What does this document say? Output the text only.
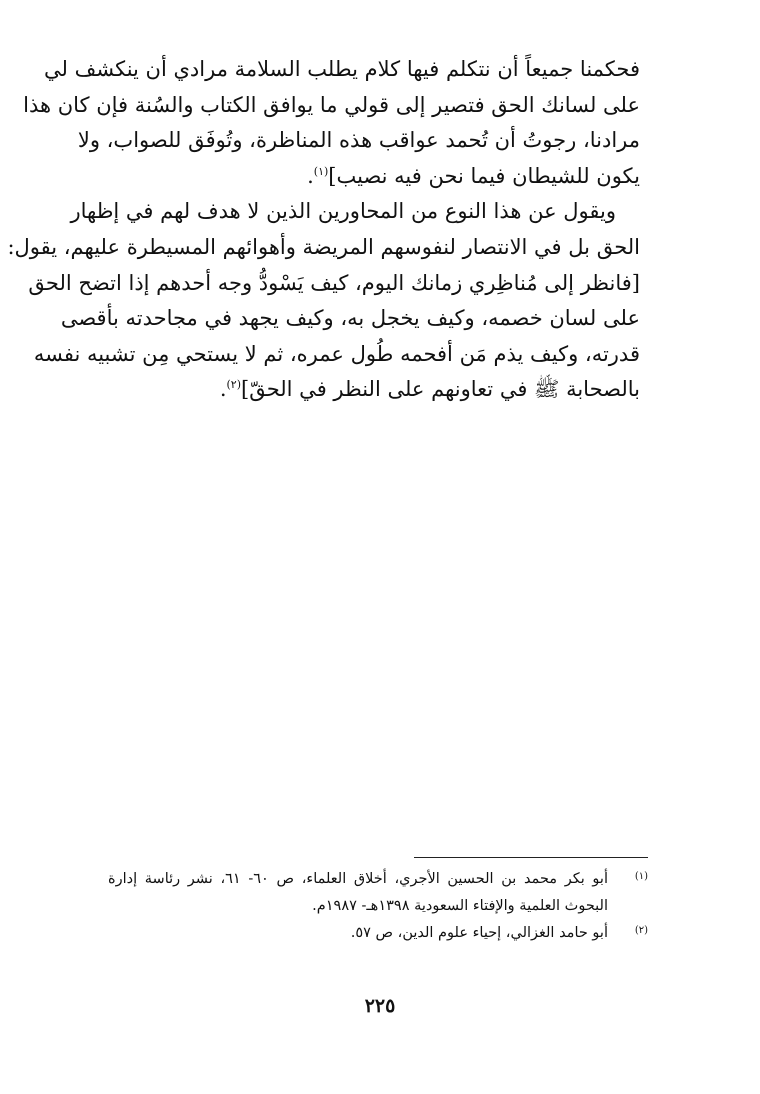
فحكمنا جميعاً أن نتكلم فيها كلام يطلب السلامة مرادي أن ينكشف لي
على لسانك الحق فتصير إلى قولي ما يوافق الكتاب والسُنة فإن كان هذا
مرادنا، رجوتُ أن تُحمد عواقب هذه المناظرة، وتُوفَق للصواب، ولا
يكون للشيطان فيما نحن فيه نصيب]$^{(١)}$.
ويقول عن هذا النوع من المحاورين الذين لا هدف لهم في إظهار
الحق بل في الانتصار لنفوسهم المريضة وأهوائهم المسيطرة عليهم، يقول:
[فانظر إلى مُناظِري زمانك اليوم، كيف يَسْودُّ وجه أحدهم إذا اتضح الحق
على لسان خصمه، وكيف يخجل به، وكيف يجهد في مجاحدته بأقصى
قدرته، وكيف يذم مَن أفحمه طُول عمره، ثم لا يستحي مِن تشبيه نفسه
بالصحابة ﷺ في تعاونهم على النظر في الحقّ]$^{(٢)}$.
(١)
أبو بكر محمد بن الحسين الأجري، أخلاق العلماء، ص ٦٠- ٦١، نشر رئاسة إدارة
البحوث العلمية والإفتاء السعودية ١٣٩٨هـ- ١٩٨٧م.
(٢)
أبو حامد الغزالي، إحياء علوم الدين، ص ٥٧.
٢٢٥
